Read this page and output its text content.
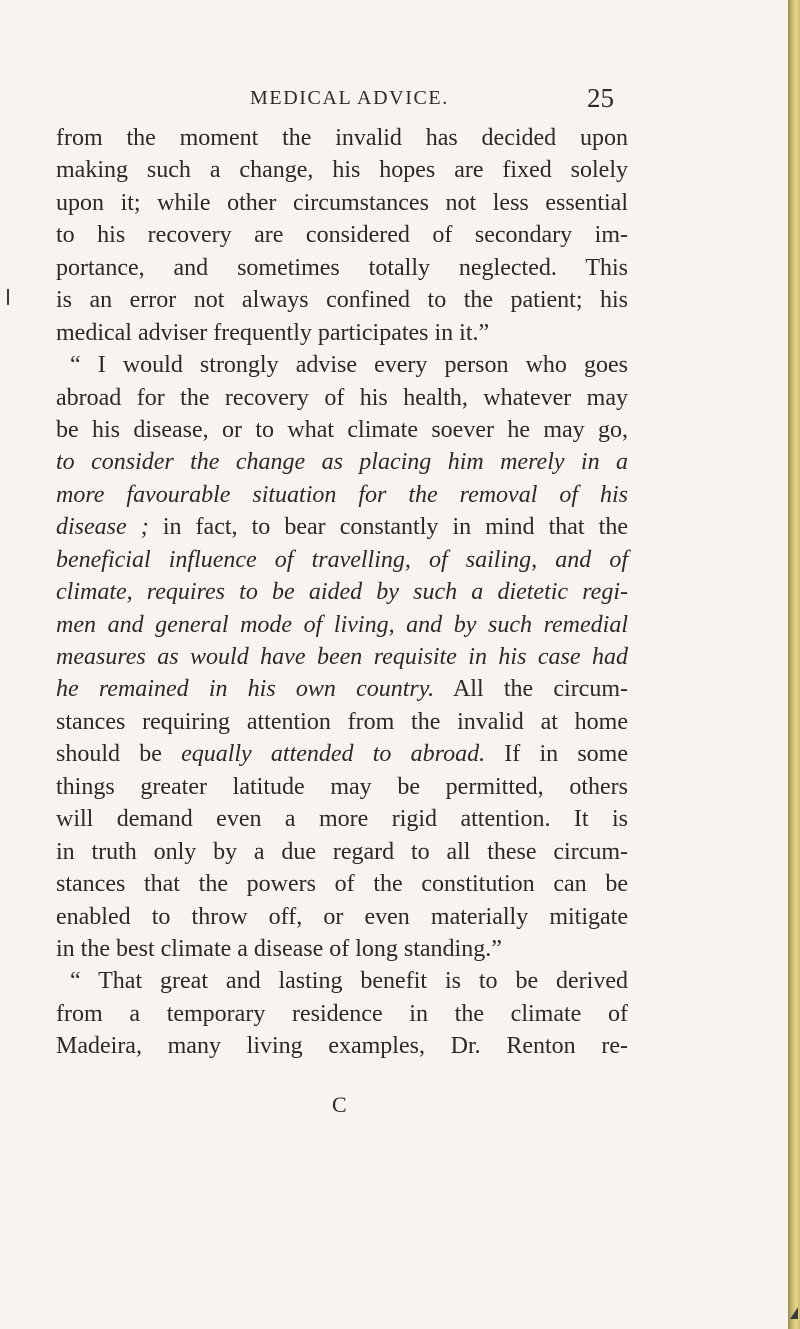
MEDICAL ADVICE.	25
from the moment the invalid has decided upon
making such a change, his hopes are fixed solely
upon it; while other circumstances not less essential
to his recovery are considered of secondary im-
portance, and sometimes totally neglected. This
is an error not always confined to the patient; his
medical adviser frequently participates in it.”
“ I would strongly advise every person who goes
abroad for the recovery of his health, whatever may
be his disease, or to what climate soever he may go,
to consider the change as placing him merely in a
more favourable situation for the removal of his
disease ; in fact, to bear constantly in mind that the
beneficial influence of travelling, of sailing, and of
climate, requires to be aided by such a dietetic regi-
men and general mode of living, and by such remedial
measures as would have been requisite in his case had
he remained in his own country. All the circum-
stances requiring attention from the invalid at home
should be equally attended to abroad. If in some
things greater latitude may be permitted, others
will demand even a more rigid attention. It is
in truth only by a due regard to all these circum-
stances that the powers of the constitution can be
enabled to throw off, or even materially mitigate
in the best climate a disease of long standing.”
“ That great and lasting benefit is to be derived
from a temporary residence in the climate of
Madeira, many living examples, Dr. Renton re-
C
